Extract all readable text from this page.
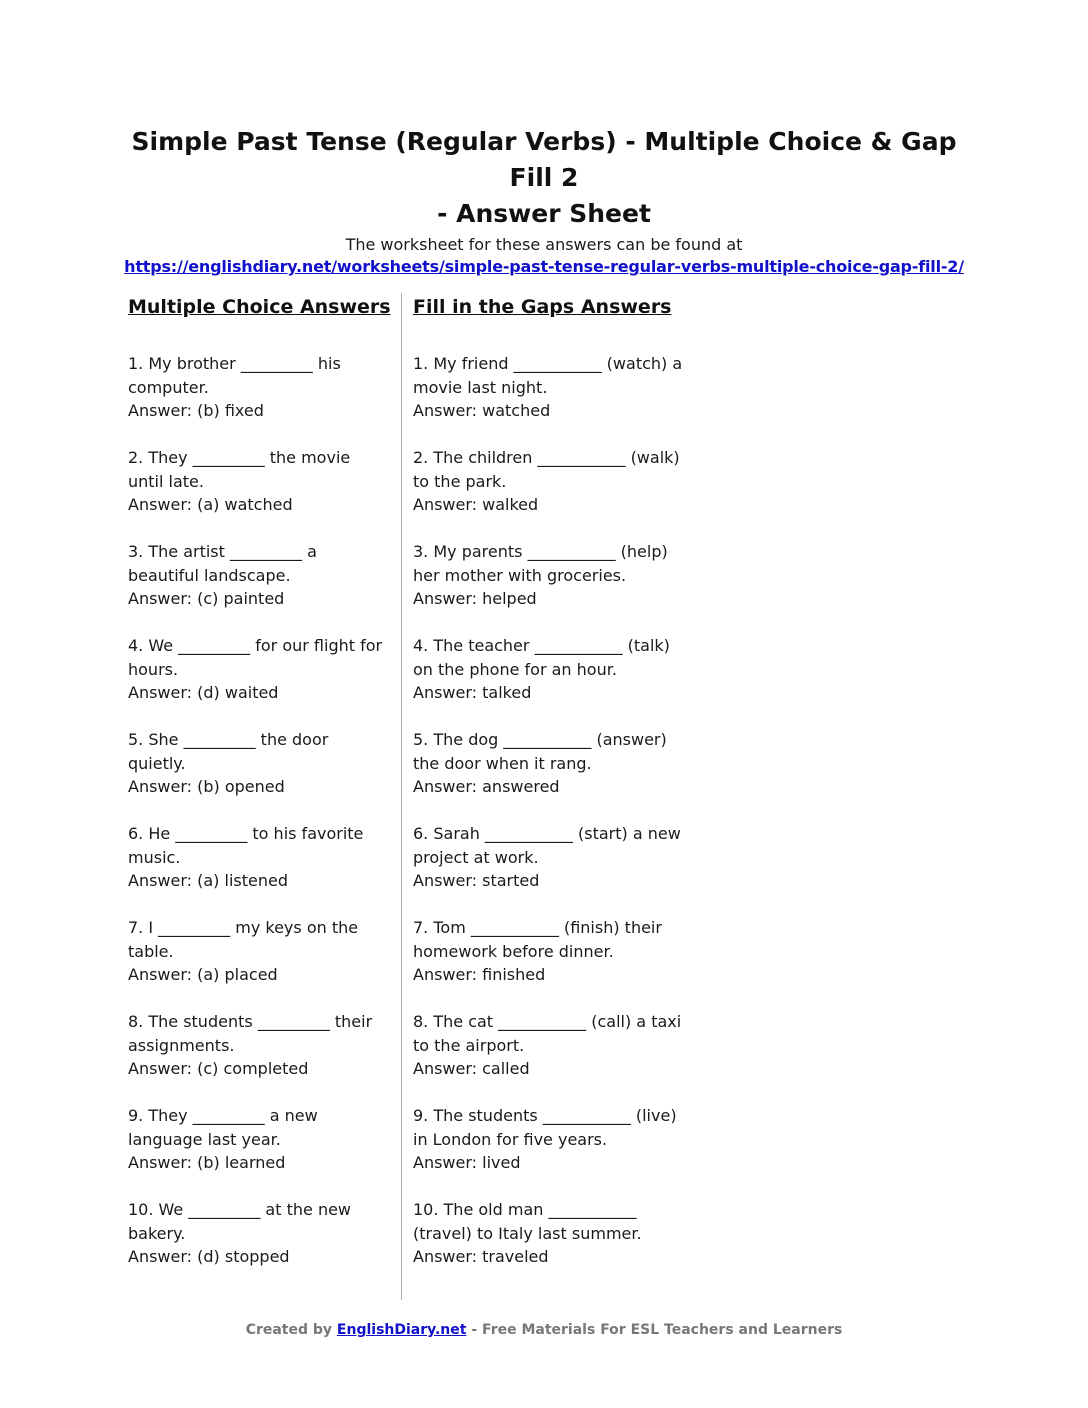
Simple Past Tense (Regular Verbs) - Multiple Choice & Gap Fill 2
- Answer Sheet
The worksheet for these answers can be found at
https://englishdiary.net/worksheets/simple-past-tense-regular-verbs-multiple-choice-gap-fill-2/
Multiple Choice Answers

1. My brother _________ his computer.

Answer: (b) fixed

2. They _________ the movie until late.

Answer: (a) watched

3. The artist _________ a beautiful landscape.

Answer: (c) painted

4. We _________ for our flight for hours.

Answer: (d) waited

5. She _________ the door quietly.

Answer: (b) opened

6. He _________ to his favorite music.

Answer: (a) listened

7. I _________ my keys on the table.

Answer: (a) placed

8. The students _________ their assignments.

Answer: (c) completed

9. They _________ a new language last year.

Answer: (b) learned

10. We _________ at the new bakery.

Answer: (d) stopped

Fill in the Gaps Answers

1. My friend ___________ (watch) a movie last night.

Answer: watched

2. The children ___________ (walk) to the park.

Answer: walked

3. My parents ___________ (help) her mother with groceries.

Answer: helped

4. The teacher ___________ (talk) on the phone for an hour.

Answer: talked

5. The dog ___________ (answer) the door when it rang.

Answer: answered

6. Sarah ___________ (start) a new project at work.

Answer: started

7. Tom ___________ (finish) their homework before dinner.

Answer: finished

8. The cat ___________ (call) a taxi to the airport.

Answer: called

9. The students ___________ (live) in London for five years.

Answer: lived

10. The old man ___________ (travel) to Italy last summer.

Answer: traveled

Created by EnglishDiary.net - Free Materials For ESL Teachers and Learners
